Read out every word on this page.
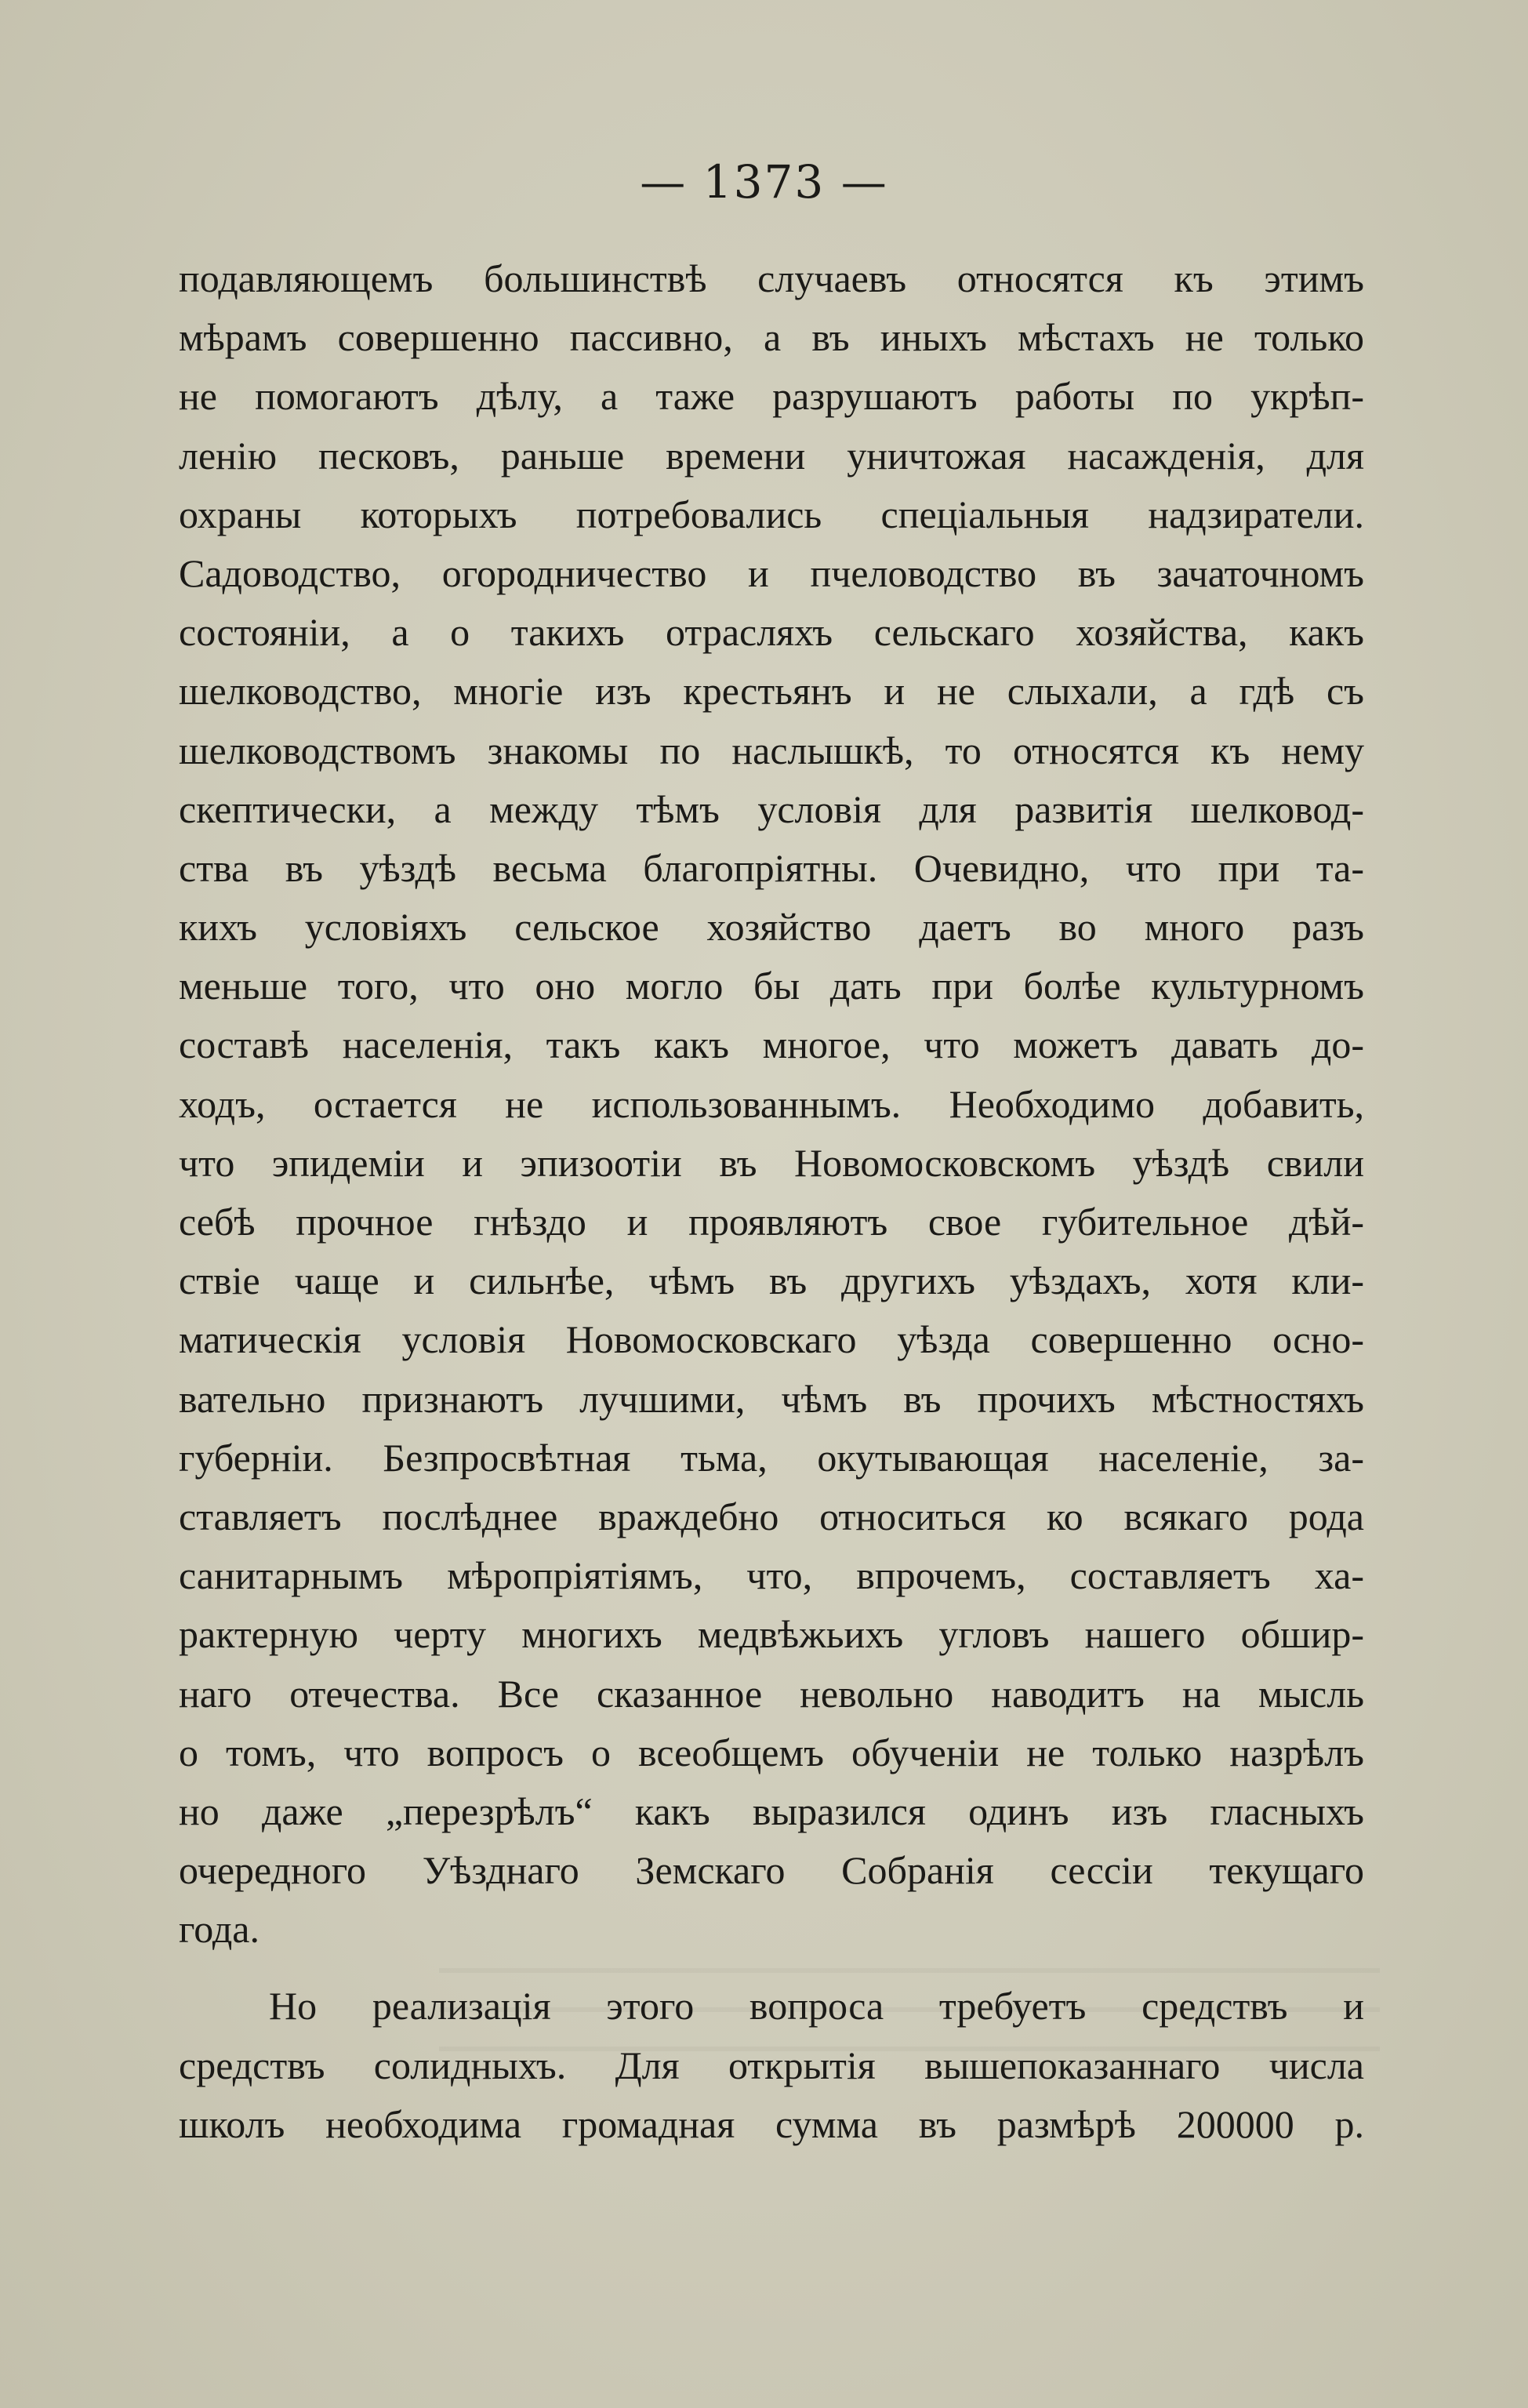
— 1373 —
подавляющемъ большинствѣ случаевъ относятся къ этимъ
мѣрамъ совершенно пассивно, а въ иныхъ мѣстахъ не только
не помогаютъ дѣлу, а таже разрушаютъ работы по укрѣп-
ленію песковъ, раньше времени уничтожая насажденія, для
охраны которыхъ потребовались спеціальныя надзиратели.
Садоводство, огородничество и пчеловодство въ зачаточномъ
состояніи, а о такихъ отрасляхъ сельскаго хозяйства, какъ
шелководство, многіе изъ крестьянъ и не слыхали, а гдѣ съ
шелководствомъ знакомы по наслышкѣ, то относятся къ нему
скептически, а между тѣмъ условія для развитія шелковод-
ства въ уѣздѣ весьма благопріятны. Очевидно, что при та-
кихъ условіяхъ сельское хозяйство даетъ во много разъ
меньше того, что оно могло бы дать при болѣе культурномъ
составѣ населенія, такъ какъ многое, что можетъ давать до-
ходъ, остается не использованнымъ. Необходимо добавить,
что эпидеміи и эпизоотіи въ Новомосковскомъ уѣздѣ свили
себѣ прочное гнѣздо и проявляютъ свое губительное дѣй-
ствіе чаще и сильнѣе, чѣмъ въ другихъ уѣздахъ, хотя кли-
матическія условія Новомосковскаго уѣзда совершенно осно-
вательно признаютъ лучшими, чѣмъ въ прочихъ мѣстностяхъ
губерніи. Безпросвѣтная тьма, окутывающая населеніе, за-
ставляетъ послѣднее враждебно относиться ко всякаго рода
санитарнымъ мѣропріятіямъ, что, впрочемъ, составляетъ ха-
рактерную черту многихъ медвѣжьихъ угловъ нашего обшир-
наго отечества. Все сказанное невольно наводитъ на мысль
о томъ, что вопросъ о всеобщемъ обученіи не только назрѣлъ
но даже „перезрѣлъ“ какъ выразился одинъ изъ гласныхъ
очередного Уѣзднаго Земскаго Собранія сессіи текущаго
года.
Но реализація этого вопроса требуетъ средствъ и
средствъ солидныхъ. Для открытія вышепоказаннаго числа
школъ необходима громадная сумма въ размѣрѣ 200000 р.
